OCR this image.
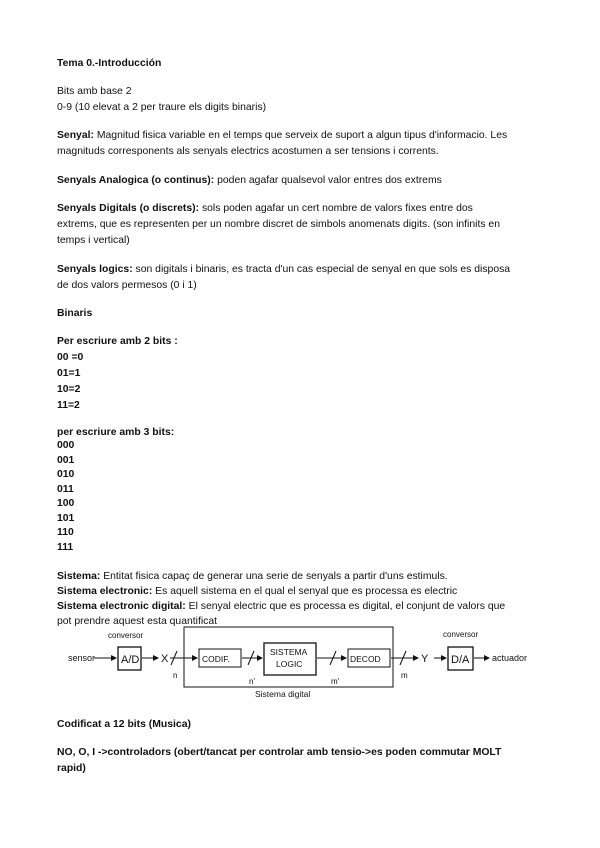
Tema 0.-Introducción
Bits amb base 2
0-9 (10 elevat a 2 per traure els digits binaris)
Senyal: Magnitud fisica variable en el temps que serveix de suport a algun tipus d'informacio. Les
magnituds corresponents als senyals electrics acostumen a ser tensions i corrents.
Senyals Analogica (o continus): poden agafar qualsevol valor entres dos extrems
Senyals Digitals (o discrets): sols poden agafar un cert nombre de valors fixes entre dos
extrems, que es representen per un nombre discret de simbols anomenats digits. (son infinits en
temps i vertical)
Senyals logics: son digitals i binaris, es tracta d'un cas especial de senyal en que sols es disposa
de dos valors permesos (0 i 1)
Binaris
Per escriure amb 2 bits :
00 =0
01=1
10=2
11=2
per escriure amb 3 bits:
000
001
010
011
100
101
110
111
Sistema: Entitat fisica capaç de generar una serie de senyals a partir d'uns estimuls.
Sistema electronic: Es aquell sistema en el qual el senyal que es processa es electric
Sistema electronic digital: El senyal electric que es processa es digital, el conjunt de valors que
pot prendre aquest esta quantificat
sensor
conversor
A/D X
n
CODIF.
n'
SISTEMA
LOGIC
m'
DECOD
m
Y
conversor
D/A	actuador
Sistema digital
Codificat a 12 bits (Musica)
NO, O, I ->controladors (obert/tancat per controlar amb tensio->es poden commutar MOLT
rapid)
